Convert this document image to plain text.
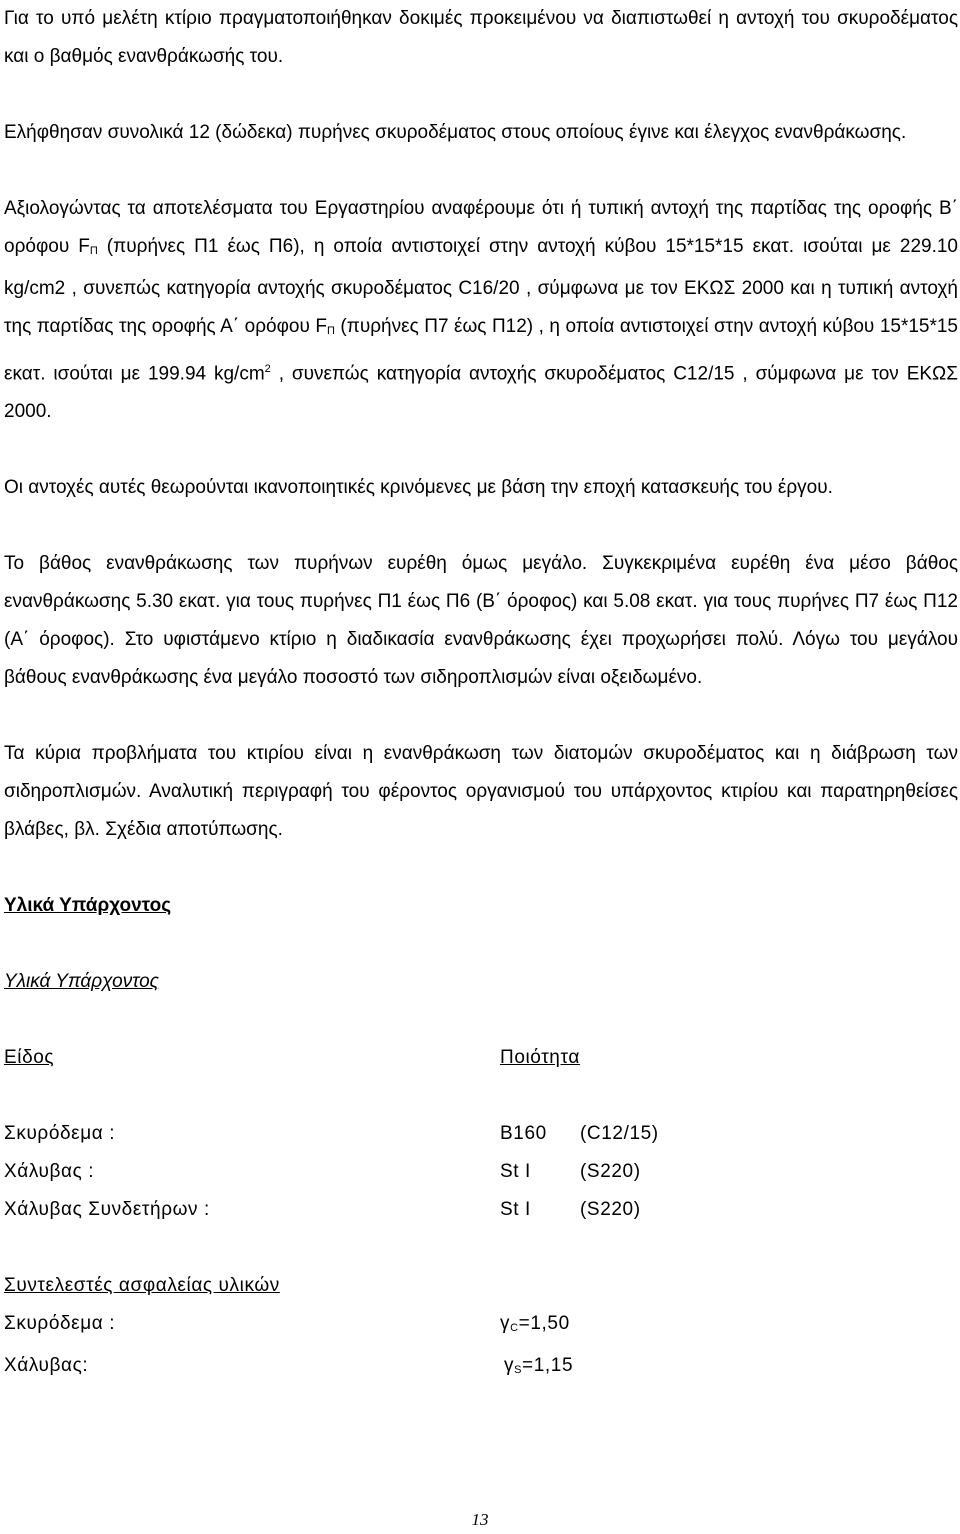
Για το υπό μελέτη κτίριο πραγματοποιήθηκαν δοκιμές προκειμένου να διαπιστωθεί η αντοχή του σκυροδέματος και ο βαθμός ενανθράκωσής του.

Ελήφθησαν συνολικά 12 (δώδεκα) πυρήνες σκυροδέματος στους οποίους έγινε και έλεγχος ενανθράκωσης.

Αξιολογώντας τα αποτελέσματα του Εργαστηρίου αναφέρουμε ότι ή τυπική αντοχή της παρτίδας της οροφής Β΄ ορόφου $F_\Pi$ (πυρήνες Π1 έως Π6), η οποία αντιστοιχεί στην αντοχή κύβου 15*15*15 εκατ. ισούται με 229.10 kg/cm2 , συνεπώς κατηγορία αντοχής σκυροδέματος C16/20 , σύμφωνα με τον ΕΚΩΣ 2000 και η τυπική αντοχή της παρτίδας της οροφής Α΄ ορόφου $F_\Pi$ (πυρήνες Π7 έως Π12) , η οποία αντιστοιχεί στην αντοχή κύβου 15*15*15 εκατ. ισούται με 199.94 $kg/cm^2$ , συνεπώς κατηγορία αντοχής σκυροδέματος C12/15 , σύμφωνα με τον ΕΚΩΣ 2000.

Οι αντοχές αυτές θεωρούνται ικανοποιητικές κρινόμενες με βάση την εποχή κατασκευής του έργου.

Το βάθος ενανθράκωσης των πυρήνων ευρέθη όμως μεγάλο. Συγκεκριμένα ευρέθη ένα μέσο βάθος ενανθράκωσης 5.30 εκατ. για τους πυρήνες Π1 έως Π6 (Β΄ όροφος) και 5.08 εκατ. για τους πυρήνες Π7 έως Π12 (Α΄ όροφος). Στο υφιστάμενο κτίριο η διαδικασία ενανθράκωσης έχει προχωρήσει πολύ. Λόγω του μεγάλου βάθους ενανθράκωσης ένα μεγάλο ποσοστό των σιδηροπλισμών είναι οξειδωμένο.

Τα κύρια προβλήματα του κτιρίου είναι η ενανθράκωση των διατομών σκυροδέματος και η διάβρωση των σιδηροπλισμών. Αναλυτική περιγραφή του φέροντος οργανισμού του υπάρχοντος κτιρίου και παρατηρηθείσες βλάβες, βλ. Σχέδια αποτύπωσης.

Υλικά Υπάρχοντος
Υλικά Υπάρχοντος
Είδος	Ποιότητα
Σκυρόδεμα :	Β160	(C12/15)
Χάλυβας :	St I	(S220)
Χάλυβας Συνδετήρων :	St I	(S220)
Συντελεστές ασφαλείας υλικών
Σκυρόδεμα :	$\gamma_C=1,50$
Χάλυβας:	$\gamma_S=1,15$
13
